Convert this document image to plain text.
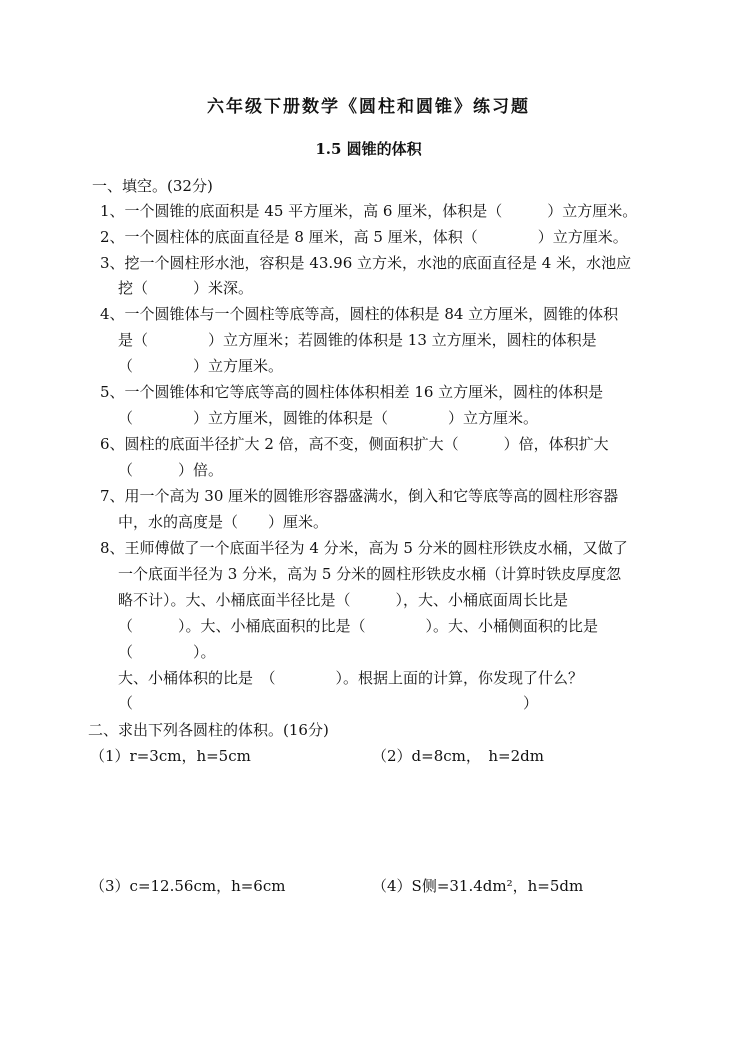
六年级下册数学《圆柱和圆锥》练习题
1.5 圆锥的体积
一、填空。(32分)
1、一个圆锥的底面积是 45 平方厘米，高 6 厘米，体积是（　　　）立方厘米。
2、一个圆柱体的底面直径是 8 厘米，高 5 厘米，体积（　　　　）立方厘米。
3、挖一个圆柱形水池，容积是 43.96 立方米，水池的底面直径是 4 米，水池应
挖（　　　）米深。
4、一个圆锥体与一个圆柱等底等高，圆柱的体积是 84 立方厘米，圆锥的体积
是（　　　　）立方厘米；若圆锥的体积是 13 立方厘米，圆柱的体积是
（　　　　）立方厘米。
5、一个圆锥体和它等底等高的圆柱体体积相差 16 立方厘米，圆柱的体积是
（　　　　）立方厘米，圆锥的体积是（　　　　）立方厘米。
6、圆柱的底面半径扩大 2 倍，高不变，侧面积扩大（　　　）倍，体积扩大
（　　　）倍。
7、用一个高为 30 厘米的圆锥形容器盛满水，倒入和它等底等高的圆柱形容器
中，水的高度是（　　）厘米。
8、王师傅做了一个底面半径为 4 分米，高为 5 分米的圆柱形铁皮水桶，又做了
一个底面半径为 3 分米，高为 5 分米的圆柱形铁皮水桶（计算时铁皮厚度忽
略不计）。大、小桶底面半径比是（　　　），大、小桶底面周长比是
（　　　）。大、小桶底面积的比是（　　　　）。大、小桶侧面积的比是
（　　　　）。
大、小桶体积的比是　（　　　　）。根据上面的计算，你发现了什么？
（　　　　　　　　　　　　　　　　　　　　　　　　　　）
二、求出下列各圆柱的体积。(16分)
（1）r=3cm，h=5cm	（2）d=8cm，　h=2dm
（3）c=12.56cm，h=6cm	（4）S侧=31.4dm²，h=5dm
